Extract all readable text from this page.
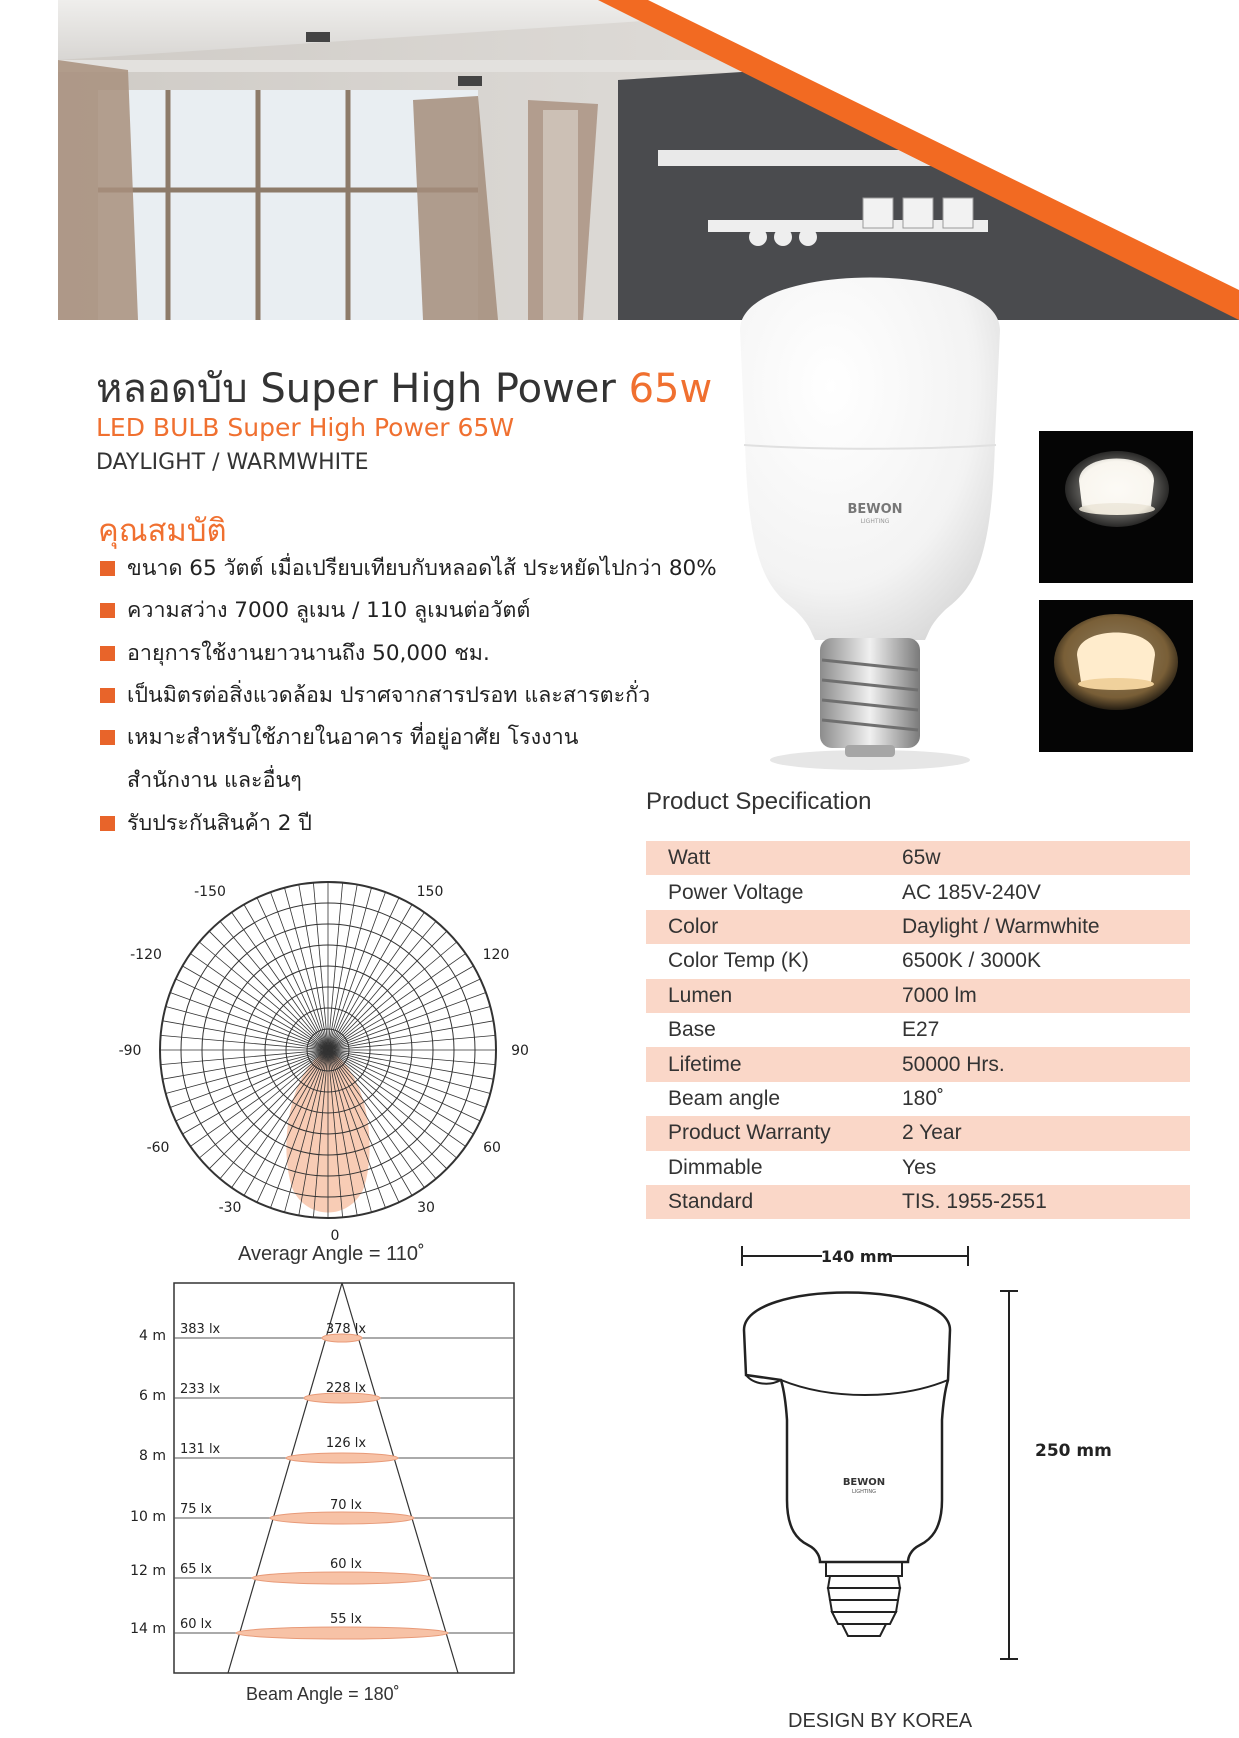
BEWON
LIGHTING
หลอดบับ Super High Power 65w
LED BULB Super High Power 65W
DAYLIGHT / WARMWHITE
คุณสมบัติ
ขนาด 65 วัตต์ เมื่อเปรียบเทียบกับหลอดไส้ ประหยัดไปกว่า 80%
ความสว่าง 7000 ลูเมน / 110 ลูเมนต่อวัตต์
อายุการใช้งานยาวนานถึง 50,000 ชม.
เป็นมิตรต่อสิ่งแวดล้อม ปราศจากสารปรอท และสารตะกั่ว
เหมาะสำหรับใช้ภายในอาคาร ที่อยู่อาศัย โรงงาน
สำนักงาน และอื่นๆ
รับประกันสินค้า 2 ปี
Product Specification
Watt	65w
Power Voltage	AC 185V-240V
Color	Daylight / Warmwhite
Color Temp (K)	6500K / 3000K
Lumen	7000 lm
Base	E27
Lifetime	50000 Hrs.
Beam angle	180˚
Product Warranty	2 Year
Dimmable	Yes
Standard	TIS. 1955-2551
-150	150
-120	120
-90	90
-60	60
-30	30
0
Averagr Angle = 110˚
4 m
6 m
8 m
10 m
12 m
14 m
383 lx
233 lx
131 lx
75 lx
65 lx
60 lx
378 lx
228 lx
126 lx
70 lx
60 lx
55 lx
Beam Angle = 180˚
140 mm
250 mm
BEWON
LIGHTING
DESIGN BY KOREA
